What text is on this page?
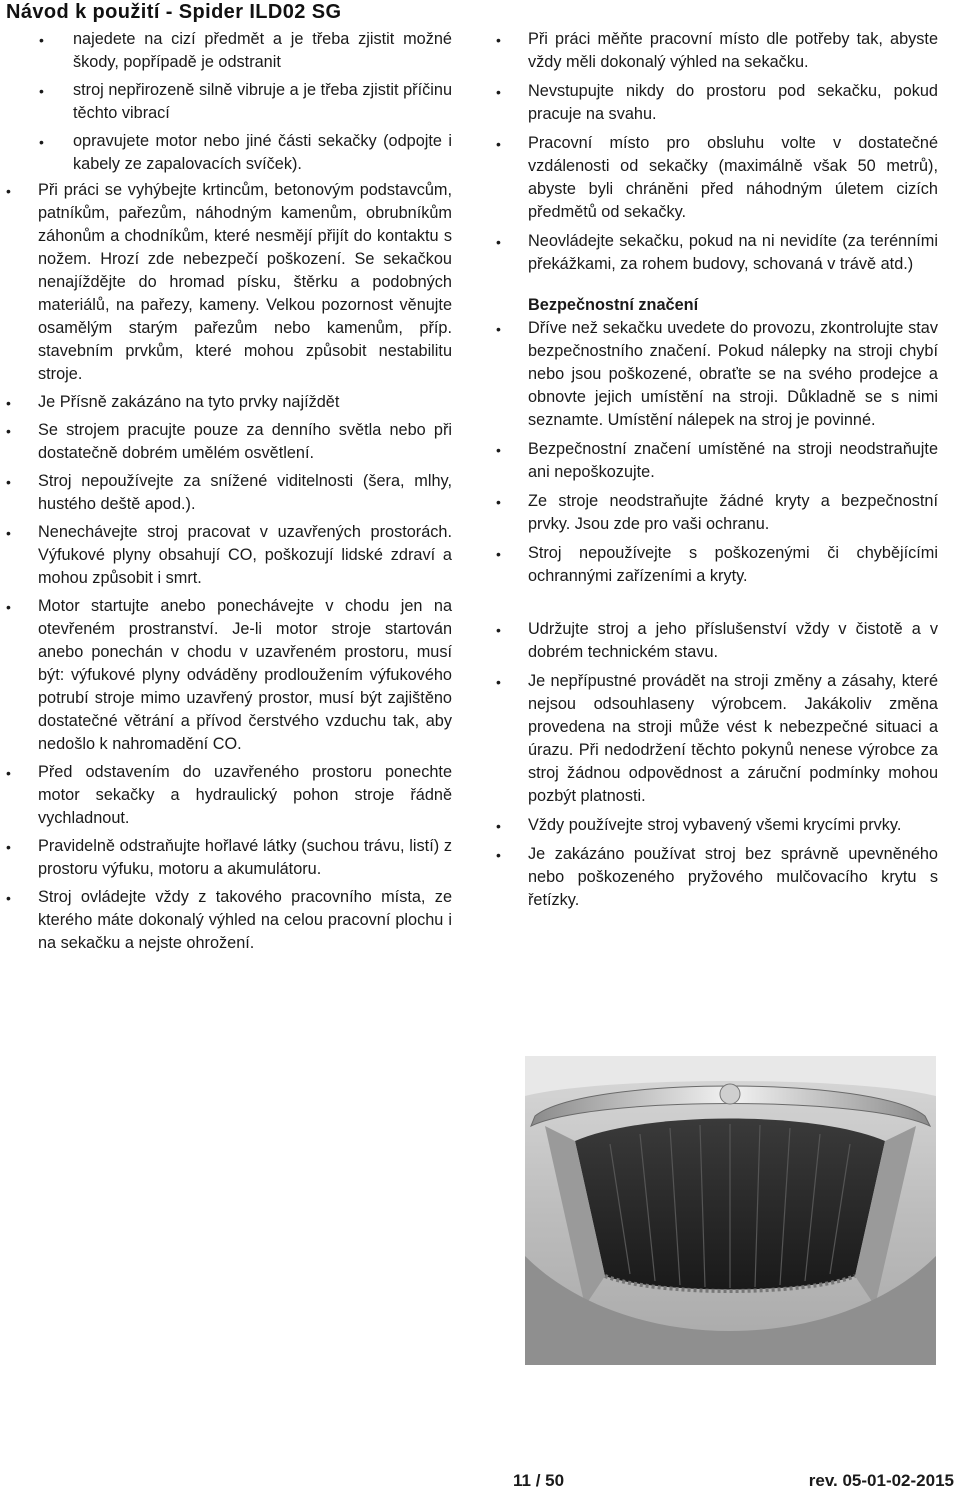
Návod k použití - Spider ILD02 SG
• najedete na cizí předmět a je třeba zjistit možné škody, popřípadě je odstranit
• stroj nepřirozeně silně vibruje a je třeba zjistit příčinu těchto vibrací
• opravujete motor nebo jiné části sekačky (odpojte i kabely ze zapalovacích svíček).
• Při práci se vyhýbejte krtincům, betonovým podstavcům, patníkům, pařezům, náhodným kamenům, obrubníkům záhonům a chodníkům, které nesmějí přijít do kontaktu s nožem. Hrozí zde nebezpečí poškození. Se sekačkou nenajíždějte do hromad písku, štěrku a podobných materiálů, na pařezy, kameny. Velkou pozornost věnujte osamělým starým pařezům nebo kamenům, příp. stavebním prvkům, které mohou způsobit nestabilitu stroje.
• Je Přísně zakázáno na tyto prvky najíždět
• Se strojem pracujte pouze za denního světla nebo při dostatečně dobrém umělém osvětlení.
• Stroj nepoužívejte za snížené viditelnosti (šera, mlhy, hustého deště apod.).
• Nenechávejte stroj pracovat v uzavřených prostorách. Výfukové plyny obsahují CO, poškozují lidské zdraví a mohou způsobit i smrt.
• Motor startujte anebo ponechávejte v chodu jen na otevřeném prostranství. Je-li motor stroje startován anebo ponechán v chodu v uzavřeném prostoru, musí být: výfukové plyny odváděny prodloužením výfukového potrubí stroje mimo uzavřený prostor, musí být zajištěno dostatečné větrání a přívod čerstvého vzduchu tak, aby nedošlo k nahromadění CO.
• Před odstavením do uzavřeného prostoru ponechte motor sekačky a hydraulický pohon stroje řádně vychladnout.
• Pravidelně odstraňujte hořlavé látky (suchou trávu, listí) z prostoru výfuku, motoru a akumulátoru.
• Stroj ovládejte vždy z takového pracovního místa, ze kterého máte dokonalý výhled na celou pracovní plochu i na sekačku a nejste ohrožení.
• Při práci měňte pracovní místo dle potřeby tak, abyste vždy měli dokonalý výhled na sekačku.
• Nevstupujte nikdy do prostoru pod sekačku, pokud pracuje na svahu.
• Pracovní místo pro obsluhu volte v dostatečné vzdálenosti od sekačky (maximálně však 50 metrů), abyste byli chráněni před náhodným úletem cizích předmětů od sekačky.
• Neovládejte sekačku, pokud na ni nevidíte (za terénními překážkami, za rohem budovy, schovaná v trávě atd.)
Bezpečnostní značení
• Dříve než sekačku uvedete do provozu, zkontrolujte stav bezpečnostního značení. Pokud nálepky na stroji chybí nebo jsou poškozené, obraťte se na svého prodejce a obnovte jejich umístění na stroji. Důkladně se s nimi seznamte. Umístění nálepek na stroj je povinné.
• Bezpečnostní značení umístěné na stroji neodstraňujte ani nepoškozujte.
• Ze stroje neodstraňujte žádné kryty a bezpečnostní prvky. Jsou zde pro vaši ochranu.
• Stroj nepoužívejte s poškozenými či chybějícími ochrannými zařízeními a kryty.
• Udržujte stroj a jeho příslušenství vždy v čistotě a v dobrém technickém stavu.
• Je nepřípustné provádět na stroji změny a zásahy, které nejsou odsouhlaseny výrobcem. Jakákoliv změna provedena na stroji může vést k nebezpečné situaci a úrazu. Při nedodržení těchto pokynů nenese výrobce za stroj žádnou odpovědnost a záruční podmínky mohou pozbýt platnosti.
• Vždy používejte stroj vybavený všemi krycími prvky.
• Je zakázáno používat stroj bez správně upevněného nebo poškozeného pryžového mulčovacího krytu s řetízky.

11 / 50	rev. 05-01-02-2015
